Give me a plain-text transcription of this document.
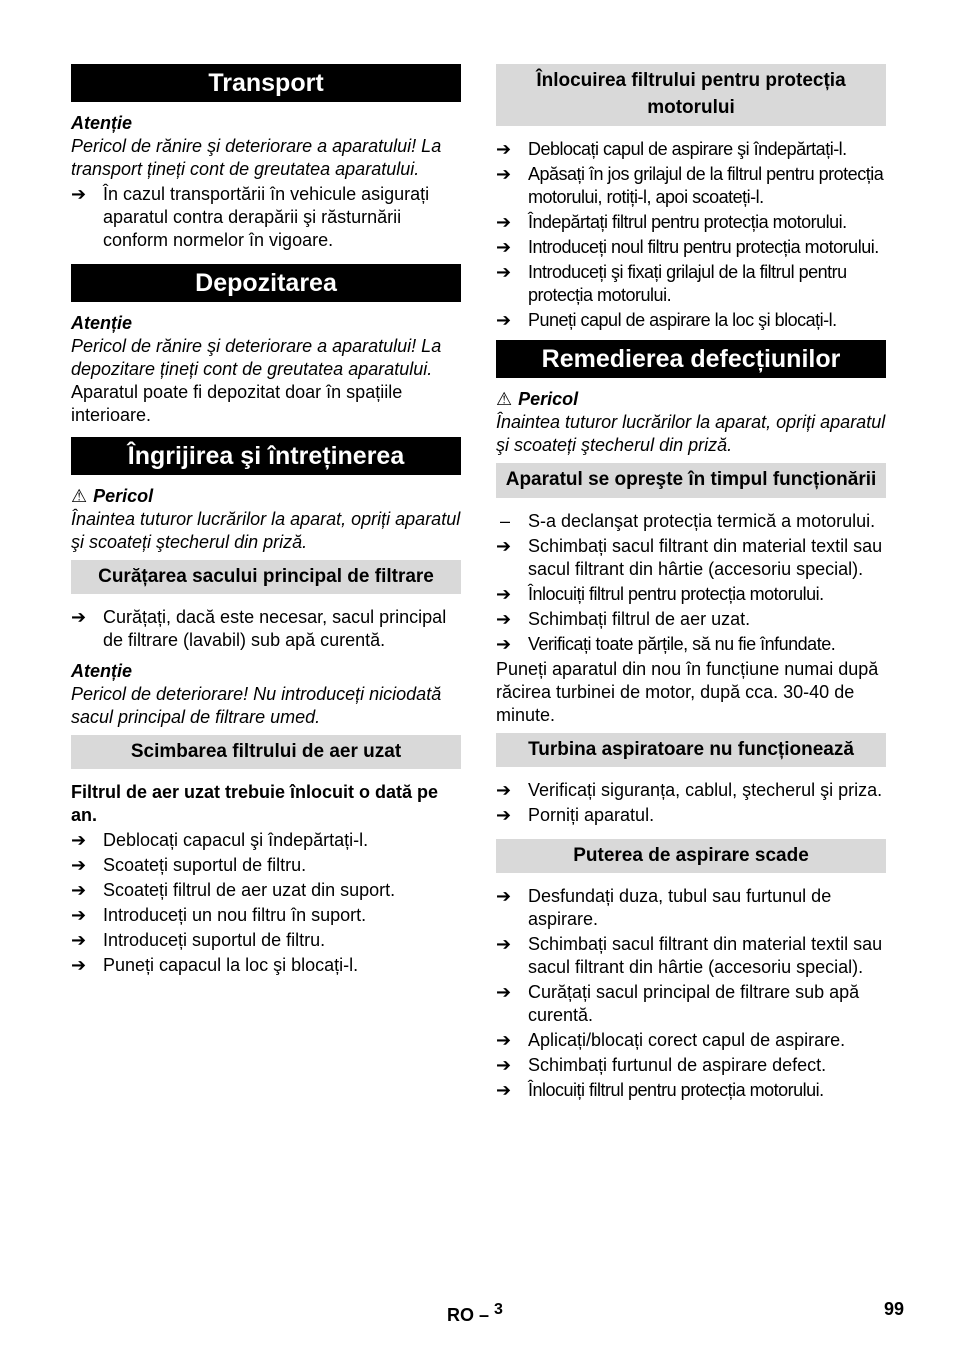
Transport
Atenție
Pericol de rănire şi deteriorare a aparatului! La transport țineți cont de greutatea aparatului.
➔ În cazul transportării în vehicule asigurați aparatul contra derapării şi răsturnării conform normelor în vigoare.
Depozitarea
Atenție
Pericol de rănire şi deteriorare a aparatului! La depozitare țineți cont de greutatea aparatului.
Aparatul poate fi depozitat doar în spațiile interioare.
Îngrijirea şi întreținerea
⚠ Pericol
Înaintea tuturor lucrărilor la aparat, opriți aparatul şi scoateți ştecherul din priză.
Curățarea sacului principal de filtrare
➔ Curățați, dacă este necesar, sacul principal de filtrare (lavabil) sub apă curentă.
Atenție
Pericol de deteriorare! Nu introduceți niciodată sacul principal de filtrare umed.
Scimbarea filtrului de aer uzat
Filtrul de aer uzat trebuie înlocuit o dată pe an.
➔ Deblocați capacul şi îndepărtați-l.
➔ Scoateți suportul de filtru.
➔ Scoateți filtrul de aer uzat din suport.
➔ Introduceți un nou filtru în suport.
➔ Introduceți suportul de filtru.
➔ Puneți capacul la loc şi blocați-l.
Înlocuirea filtrului pentru protecția motorului
➔ Deblocați capul de aspirare şi îndepărtați-l.
➔ Apăsați în jos grilajul de la filtrul pentru protecția motorului, rotiți-l, apoi scoateți-l.
➔ Îndepărtați filtrul pentru protecția motorului.
➔ Introduceți noul filtru pentru protecția motorului.
➔ Introduceți şi fixați grilajul de la filtrul pentru protecția motorului.
➔ Puneți capul de aspirare la loc şi blocați-l.
Remedierea defecțiunilor
⚠ Pericol
Înaintea tuturor lucrărilor la aparat, opriți aparatul şi scoateți ştecherul din priză.
Aparatul se opreşte în timpul funcționării
– S-a declanşat protecția termică a motorului.
➔ Schimbați sacul filtrant din material textil sau sacul filtrant din hârtie (accesoriu special).
➔ Înlocuiți filtrul pentru protecția motorului.
➔ Schimbați filtrul de aer uzat.
➔ Verificați toate părțile, să nu fie înfundate.
Puneți aparatul din nou în funcțiune numai după răcirea turbinei de motor, după cca. 30-40 de minute.
Turbina aspiratoare nu funcționează
➔ Verificați siguranța, cablul, ştecherul şi priza.
➔ Porniți aparatul.
Puterea de aspirare scade
➔ Desfundați duza, tubul sau furtunul de aspirare.
➔ Schimbați sacul filtrant din material textil sau sacul filtrant din hârtie (accesoriu special).
➔ Curățați sacul principal de filtrare sub apă curentă.
➔ Aplicați/blocați corect capul de aspirare.
➔ Schimbați furtunul de aspirare defect.
➔ Înlocuiți filtrul pentru protecția motorului.
RO – $^3$	99
